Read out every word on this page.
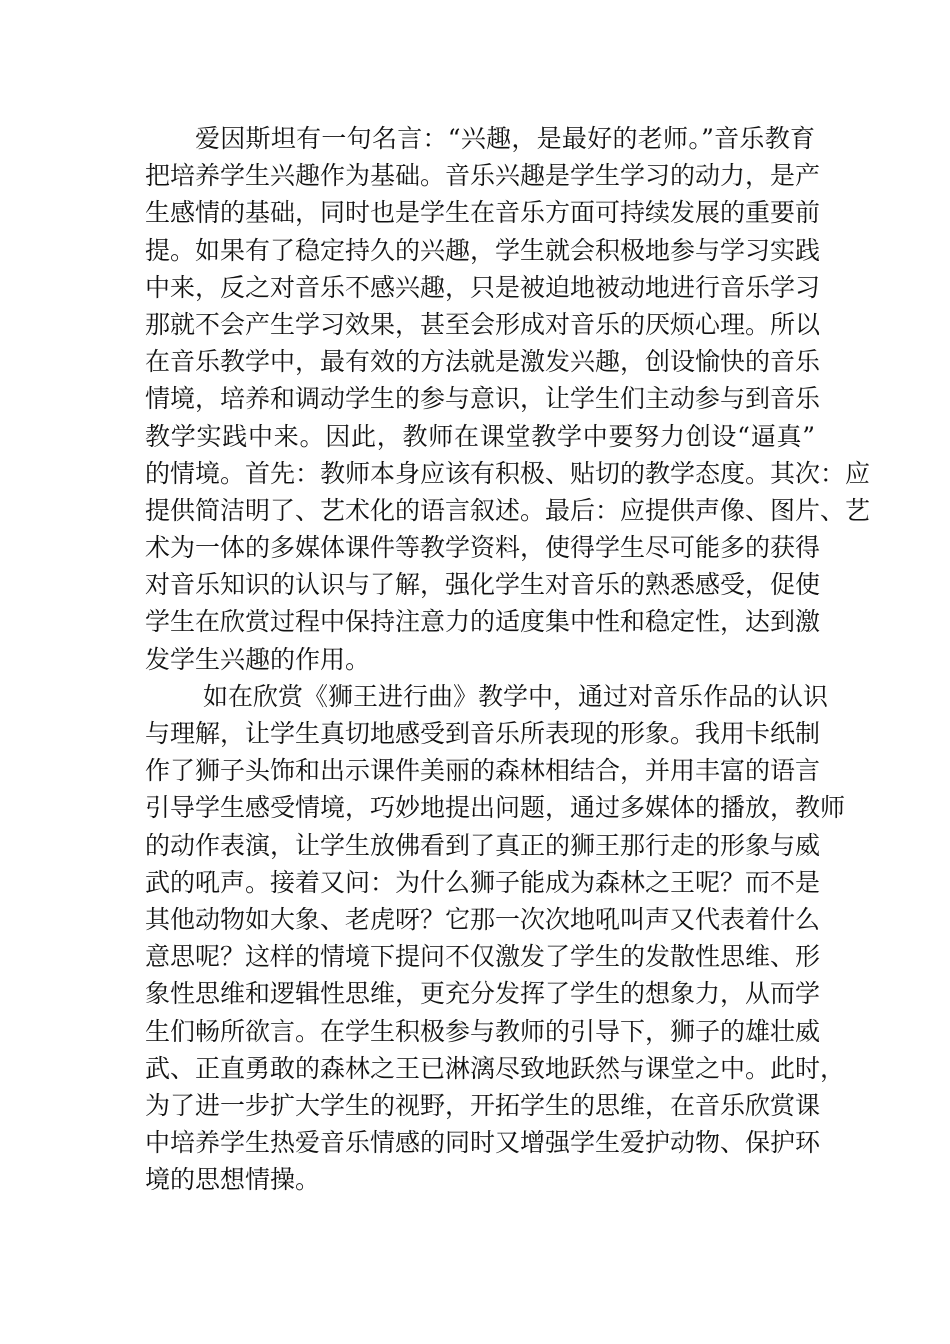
爱因斯坦有一句名言：“兴趣，是最好的老师。”音乐教育
把培养学生兴趣作为基础。音乐兴趣是学生学习的动力，是产
生感情的基础，同时也是学生在音乐方面可持续发展的重要前
提。如果有了稳定持久的兴趣，学生就会积极地参与学习实践
中来，反之对音乐不感兴趣，只是被迫地被动地进行音乐学习
那就不会产生学习效果，甚至会形成对音乐的厌烦心理。所以
在音乐教学中，最有效的方法就是激发兴趣，创设愉快的音乐
情境，培养和调动学生的参与意识，让学生们主动参与到音乐
教学实践中来。因此，教师在课堂教学中要努力创设“逼真”
的情境。首先：教师本身应该有积极、贴切的教学态度。其次：应
提供简洁明了、艺术化的语言叙述。最后：应提供声像、图片、艺
术为一体的多媒体课件等教学资料，使得学生尽可能多的获得
对音乐知识的认识与了解，强化学生对音乐的熟悉感受，促使
学生在欣赏过程中保持注意力的适度集中性和稳定性，达到激
发学生兴趣的作用。
如在欣赏《狮王进行曲》教学中，通过对音乐作品的认识
与理解，让学生真切地感受到音乐所表现的形象。我用卡纸制
作了狮子头饰和出示课件美丽的森林相结合，并用丰富的语言
引导学生感受情境，巧妙地提出问题，通过多媒体的播放，教师
的动作表演，让学生放佛看到了真正的狮王那行走的形象与威
武的吼声。接着又问：为什么狮子能成为森林之王呢？而不是
其他动物如大象、老虎呀？它那一次次地吼叫声又代表着什么
意思呢？这样的情境下提问不仅激发了学生的发散性思维、形
象性思维和逻辑性思维，更充分发挥了学生的想象力，从而学
生们畅所欲言。在学生积极参与教师的引导下，狮子的雄壮威
武、正直勇敢的森林之王已淋漓尽致地跃然与课堂之中。此时，
为了进一步扩大学生的视野，开拓学生的思维，在音乐欣赏课
中培养学生热爱音乐情感的同时又增强学生爱护动物、保护环
境的思想情操。
